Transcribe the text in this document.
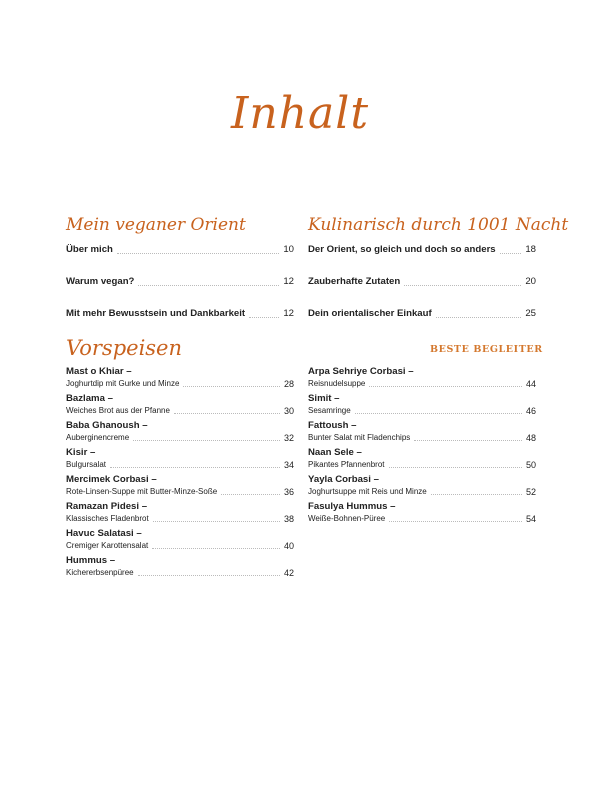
Inhalt
Mein veganer Orient
Über mich	10
Warum vegan?	12
Mit mehr Bewusstsein und Dankbarkeit	12
Kulinarisch durch 1001 Nacht
Der Orient, so gleich und doch so anders	18
Zauberhafte Zutaten	20
Dein orientalischer Einkauf	25
Vorspeisen
Mast o Khiar –
Joghurtdip mit Gurke und Minze	28
Bazlama –
Weiches Brot aus der Pfanne	30
Baba Ghanoush –
Auberginencreme	32
Kisir –
Bulgursalat	34
Mercimek Corbasi –
Rote-Linsen-Suppe mit Butter-Minze-Soße	36
Ramazan Pidesi –
Klassisches Fladenbrot	38
Havuc Salatasi –
Cremiger Karottensalat	40
Hummus –
Kichererbsenpüree	42
BESTE BEGLEITER
Arpa Sehriye Corbasi –
Reisnudelsuppe	44
Simit –
Sesamringe	46
Fattoush –
Bunter Salat mit Fladenchips	48
Naan Sele –
Pikantes Pfannenbrot	50
Yayla Corbasi –
Joghurtsuppe mit Reis und Minze	52
Fasulya Hummus –
Weiße-Bohnen-Püree	54
